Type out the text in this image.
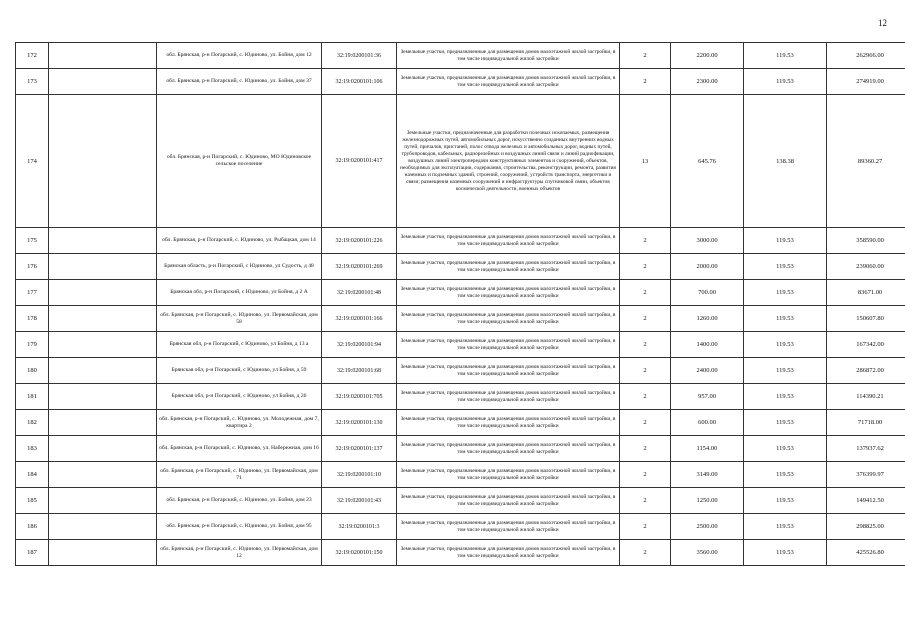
12
172		обл. Брянская, р-н Погарский, с. Юдиново, ул. Бойня, дом 12	32:19:0200101:36	Земельные участки, предназначенные для размещения домов малоэтажной жилой застройки, в том числе индивидуальной жилой застройки	2	2200.00	119.53	262966.00
173		обл. Брянская, р-н Погарский, с. Юдиново, ул. Бойня, дом 37	32:19:0200101:106	Земельные участки, предназначенные для размещения домов малоэтажной жилой застройки, в том числе индивидуальной жилой застройки	2	2300.00	119.53	274919.00
174		обл. Брянская, р-н Погарский, с. Юдиново, МО Юдиновское сельское поселение	32:19:0200101:417	Земельные участки, предназначенные для разработки полезных ископаемых, размещения железнодорожных путей, автомобильных дорог, искусственно созданных внутренних водных путей, причалов, пристаней, полос отвода железных и автомобильных дорог, водных путей, трубопроводов, кабельных, радиорелейных и воздушных линий связи и линий радиофикации, воздушных линий электропередачи конструктивных элементов и сооружений, объектов, необходимых для эксплуатации, содержания, строительства, реконструкции, ремонта, развития наземных и подземных зданий, строений, сооружений, устройств транспорта, энергетики и связи; размещения наземных сооружений и инфраструктуры спутниковой связи, объектов космической деятельности, военных объектов	13	645.76	138.38	89360.27
175		обл. Брянская, р-н Погарский, с. Юдиново, ул. Рыбацкая, дом 14	32:19:0200101:226	Земельные участки, предназначенные для размещения домов малоэтажной жилой застройки, в том числе индивидуальной жилой застройки	2	3000.00	119.53	358590.00
176		Брянская область, р-н Погарский, с Юдиново, ул Судость, д 48	32:19:0200101:269	Земельные участки, предназначенные для размещения домов малоэтажной жилой застройки, в том числе индивидуальной жилой застройки	2	2000.00	119.53	239060.00
177		Брянская обл, р-н Погарский, с Юдиново, ул Бойня, д 2 А	32:19:0200101:48	Земельные участки, предназначенные для размещения домов малоэтажной жилой застройки, в том числе индивидуальной жилой застройки	2	700.00	119.53	83671.00
178		обл. Брянская, р-н Погарский, с. Юдиново, ул. Первомайская, дом 58	32:19:0200101:166	Земельные участки, предназначенные для размещения домов малоэтажной жилой застройки, в том числе индивидуальной жилой застройки	2	1260.00	119.53	150607.80
179		Брянская обл, р-н Погарский, с Юдиново, ул Бойня, д 13 а	32:19:0200101:94	Земельные участки, предназначенные для размещения домов малоэтажной жилой застройки, в том числе индивидуальной жилой застройки	2	1400.00	119.53	167342.00
180		Брянская обл, р-н Погарский, с Юдиново, ул Бойня, д 59	32:19:0200101:68	Земельные участки, предназначенные для размещения домов малоэтажной жилой застройки, в том числе индивидуальной жилой застройки	2	2400.00	119.53	286872.00
181		Брянская обл, р-н Погарский, с Юдиново, ул Бойня, д 26	32:19:0200101:705	Земельные участки, предназначенные для размещения домов малоэтажной жилой застройки, в том числе индивидуальной жилой застройки	2	957.00	119.53	114390.21
182		обл. Брянская, р-н Погарский, с. Юдиново, ул. Молодежная, дом 7, квартира 2	32:19:0200101:130	Земельные участки, предназначенные для размещения домов малоэтажной жилой застройки, в том числе индивидуальной жилой застройки	2	600.00	119.53	71718.00
183		обл. Брянская, р-н Погарский, с. Юдиново, ул. Набережная, дом 16	32:19:0200101:137	Земельные участки, предназначенные для размещения домов малоэтажной жилой застройки, в том числе индивидуальной жилой застройки	2	1154.00	119.53	137937.62
184		обл. Брянская, р-н Погарский, с. Юдиново, ул. Первомайская, дом 71	32:19:0200101:10	Земельные участки, предназначенные для размещения домов малоэтажной жилой застройки, в том числе индивидуальной жилой застройки	2	3149.00	119.53	376399.97
185		обл. Брянская, р-н Погарский, с. Юдиново, ул. Бойня, дом 23	32:19:0200101:43	Земельные участки, предназначенные для размещения домов малоэтажной жилой застройки, в том числе индивидуальной жилой застройки	2	1250.00	119.53	149412.50
186		обл. Брянская, р-н Погарский, с. Юдиново, ул. Бойня, дом 95	32:19:0200101:3	Земельные участки, предназначенные для размещения домов малоэтажной жилой застройки, в том числе индивидуальной жилой застройки	2	2500.00	119.53	298825.00
187		обл. Брянская, р-н Погарский, с. Юдиново, ул. Первомайская, дом 12	32:19:0200101:150	Земельные участки, предназначенные для размещения домов малоэтажной жилой застройки, в том числе индивидуальной жилой застройки	2	3560.00	119.53	425526.80
